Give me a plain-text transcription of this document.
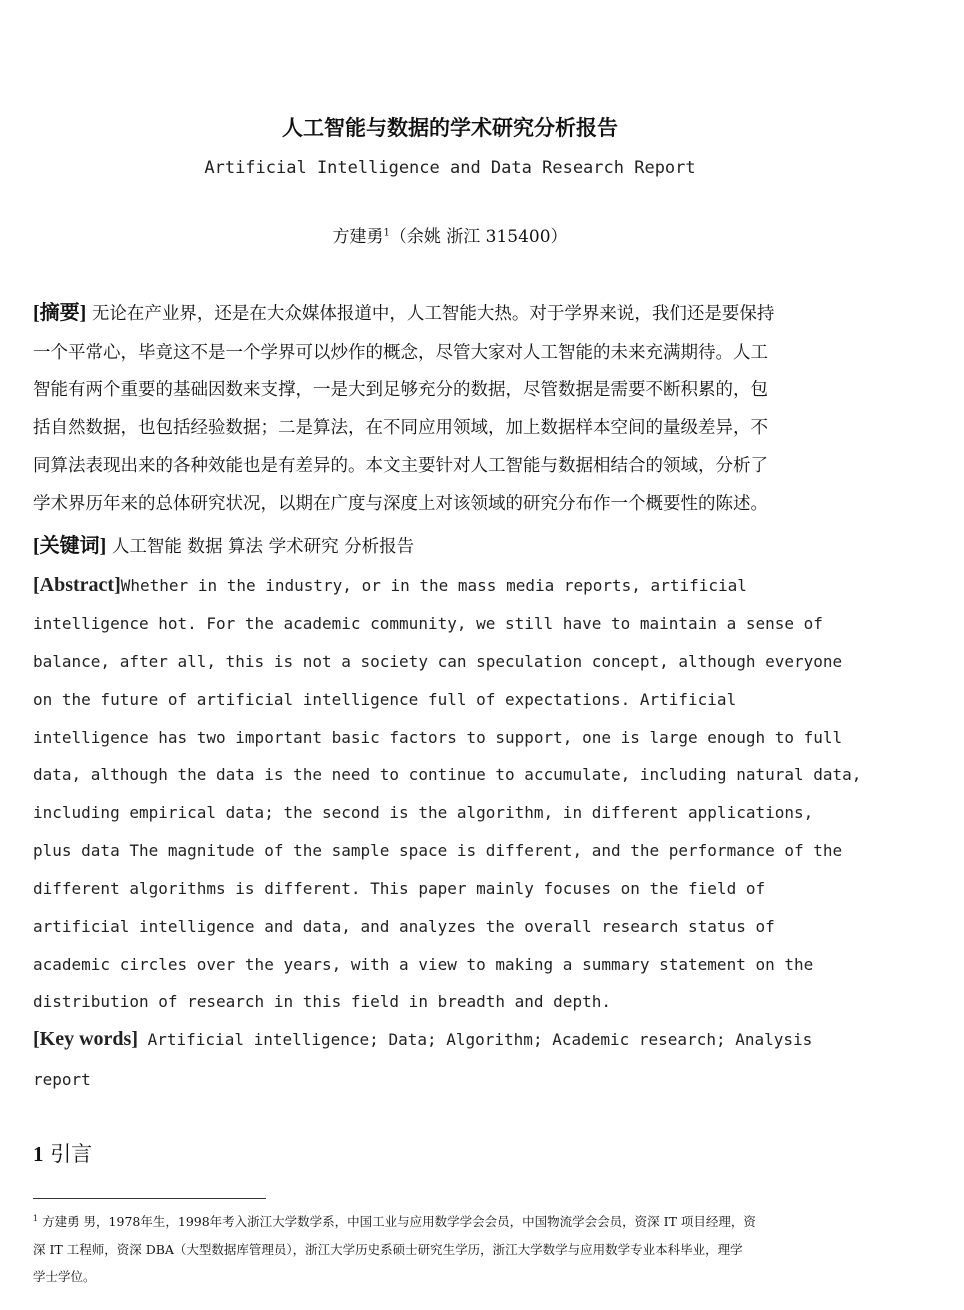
人工智能与数据的学术研究分析报告
Artificial Intelligence and Data Research Report
方建勇$^1$（余姚 浙江 315400）
[摘要] 无论在产业界，还是在大众媒体报道中，人工智能大热。对于学界来说，我们还是要保持
一个平常心，毕竟这不是一个学界可以炒作的概念，尽管大家对人工智能的未来充满期待。人工
智能有两个重要的基础因数来支撑，一是大到足够充分的数据，尽管数据是需要不断积累的，包
括自然数据，也包括经验数据；二是算法，在不同应用领域，加上数据样本空间的量级差异，不
同算法表现出来的各种效能也是有差异的。本文主要针对人工智能与数据相结合的领域，分析了
学术界历年来的总体研究状况，以期在广度与深度上对该领域的研究分布作一个概要性的陈述。
[关键词] 人工智能 数据 算法 学术研究 分析报告
[Abstract]Whether in the industry, or in the mass media reports, artificial
intelligence hot. For the academic community, we still have to maintain a sense of
balance, after all, this is not a society can speculation concept, although everyone
on the future of artificial intelligence full of expectations. Artificial
intelligence has two important basic factors to support, one is large enough to full
data, although the data is the need to continue to accumulate, including natural data,
including empirical data; the second is the algorithm, in different applications,
plus data The magnitude of the sample space is different, and the performance of the
different algorithms is different. This paper mainly focuses on the field of
artificial intelligence and data, and analyzes the overall research status of
academic circles over the years, with a view to making a summary statement on the
distribution of research in this field in breadth and depth.
[Key words] Artificial intelligence; Data; Algorithm; Academic research; Analysis
report
1 引言
$^1$ 方建勇 男，1978年生，1998年考入浙江大学数学系，中国工业与应用数学学会会员，中国物流学会会员，资深 IT 项目经理，资
深 IT 工程师，资深 DBA（大型数据库管理员），浙江大学历史系硕士研究生学历，浙江大学数学与应用数学专业本科毕业，理学
学士学位。
